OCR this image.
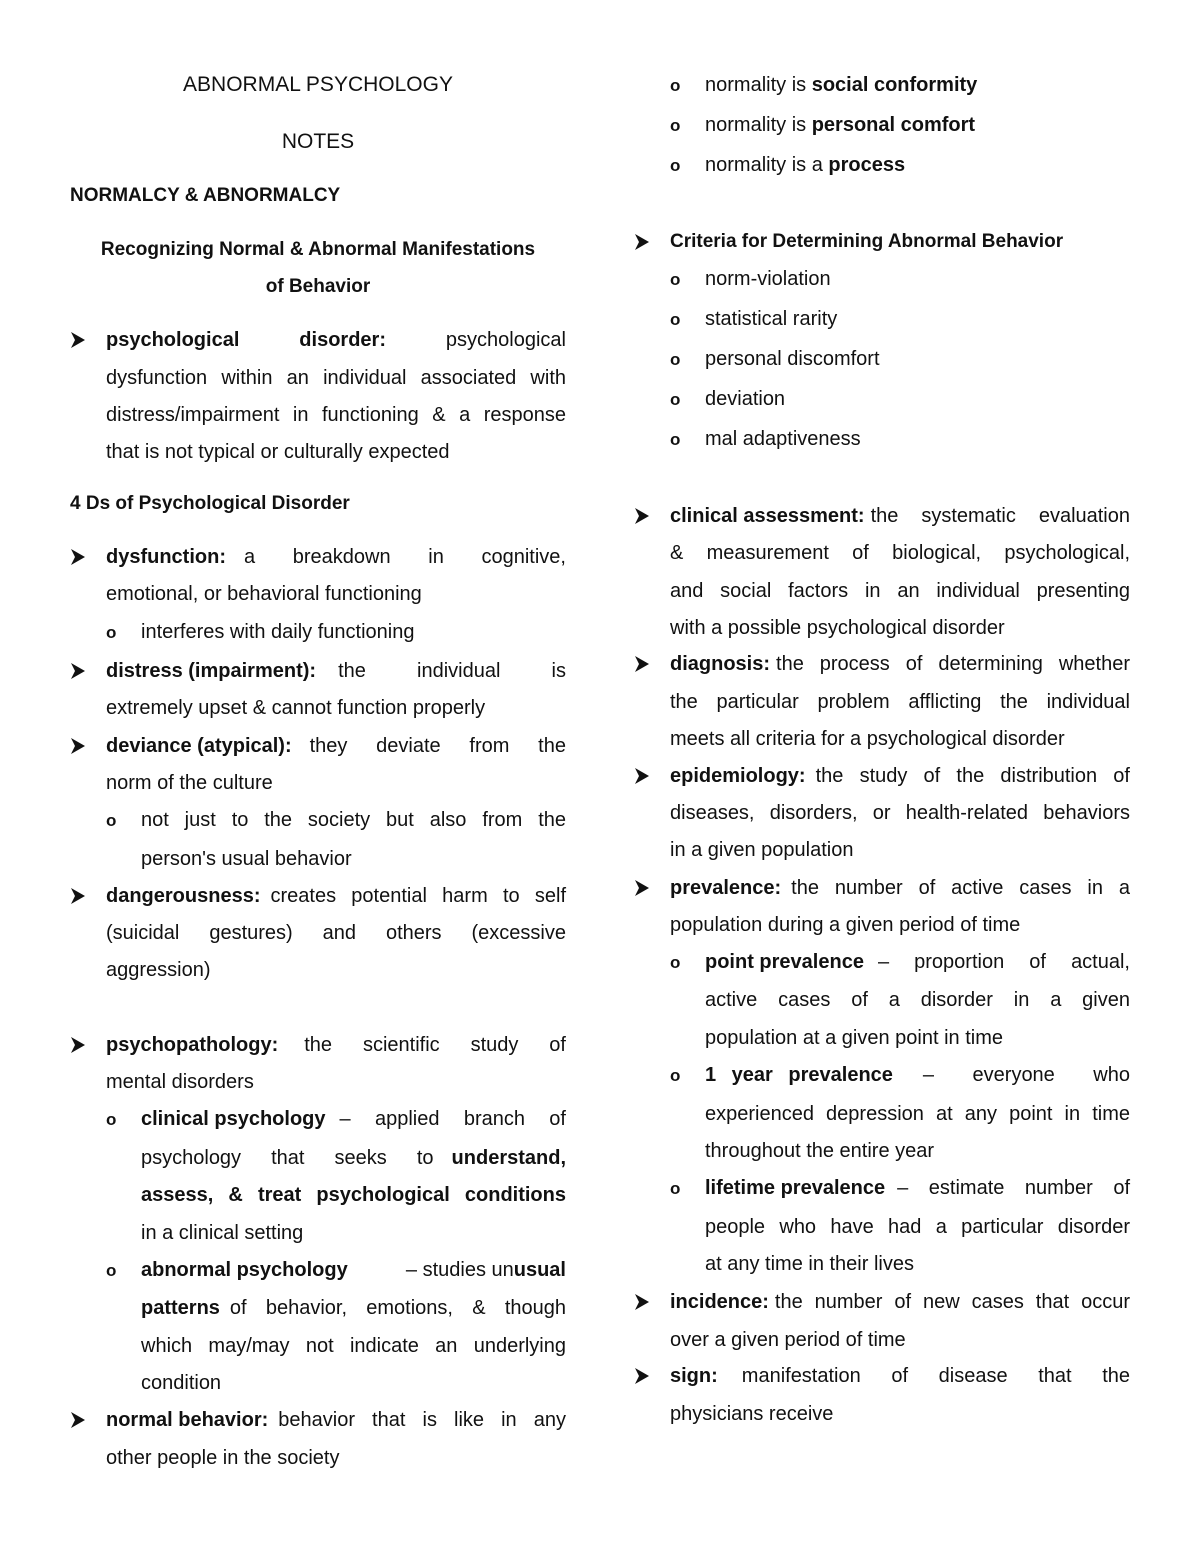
ABNORMAL PSYCHOLOGY
NOTES
NORMALCY & ABNORMALCY
Recognizing Normal & Abnormal Manifestations
of Behavior
psychological	disorder:	psychological
dysfunction within an individual associated with
distress/impairment in functioning & a response
that is not typical or culturally expected
4 Ds of Psychological Disorder
dysfunction: a breakdown in cognitive,
emotional, or behavioral functioning
o interferes with daily functioning
distress (impairment): the individual is
extremely upset & cannot function properly
deviance (atypical): they deviate from the
norm of the culture
o not just to the society but also from the
person's usual behavior
dangerousness: creates potential harm to self
(suicidal gestures) and others (excessive
aggression)
psychopathology: the scientific study of
mental disorders
o clinical psychology – applied branch of
psychology that seeks to understand,
assess, & treat psychological conditions
in a clinical setting
o abnormal psychology	– studies unusual
patterns of behavior, emotions, & though
which may/may not indicate an underlying
condition
normal behavior: behavior that is like in any
other people in the society
o normality is social conformity
o normality is personal comfort
o normality is a process
Criteria for Determining Abnormal Behavior
o norm-violation
o statistical rarity
o personal discomfort
o deviation
o mal adaptiveness
clinical assessment: the systematic evaluation
& measurement of biological, psychological,
and social factors in an individual presenting
with a possible psychological disorder
diagnosis: the process of determining whether
the particular problem afflicting the individual
meets all criteria for a psychological disorder
epidemiology: the study of the distribution of
diseases, disorders, or health-related behaviors
in a given population
prevalence: the number of active cases in a
population during a given period of time
o point prevalence – proportion of actual,
active cases of a disorder in a given
population at a given point in time
o 1 year prevalence – everyone who
experienced depression at any point in time
throughout the entire year
o lifetime prevalence – estimate number of
people who have had a particular disorder
at any time in their lives
incidence: the number of new cases that occur
over a given period of time
sign: manifestation of disease that the
physicians receive
